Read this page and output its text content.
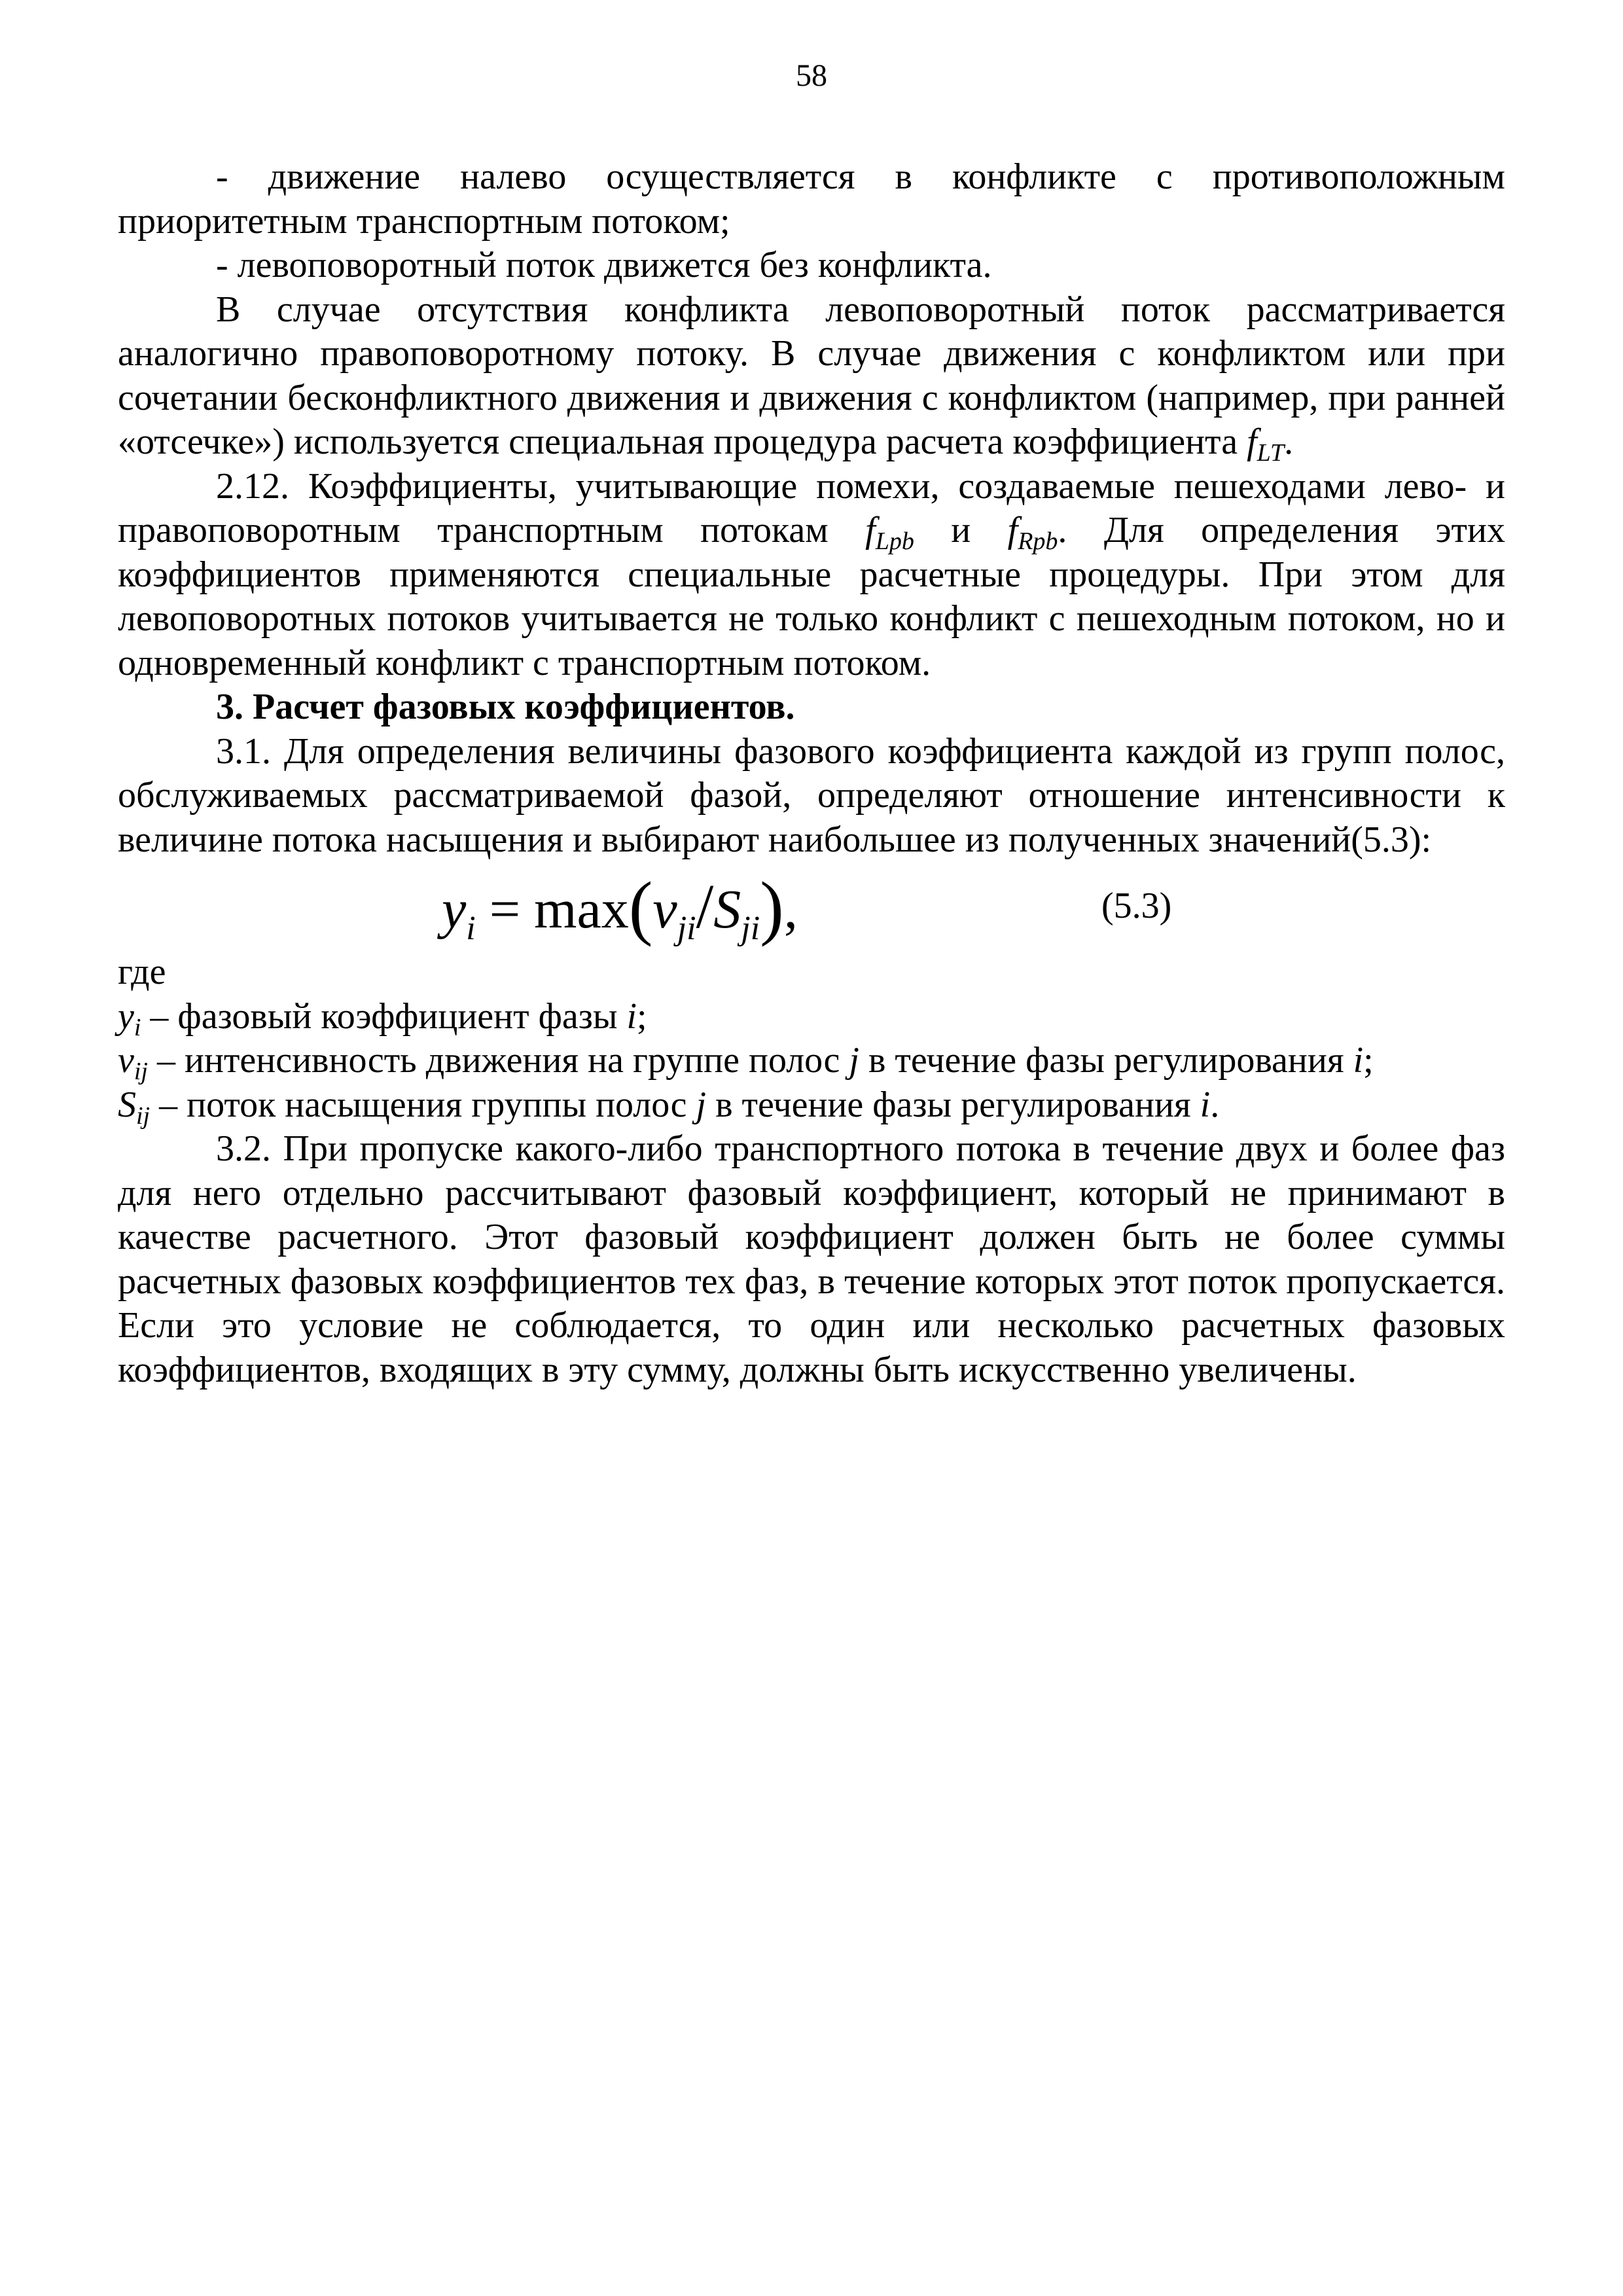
58

- движение налево осуществляется в конфликте с противоположным приоритетным транспортным потоком;

- левоповоротный поток движется без конфликта.

В случае отсутствия конфликта левоповоротный поток рассматривается аналогично правоповоротному потоку. В случае движения с конфликтом или при сочетании бесконфликтного движения и движения с конфликтом (например, при ранней «отсечке») используется специальная процедура расчета коэффициента $f_{LT}$.

2.12. Коэффициенты, учитывающие помехи, создаваемые пешеходами лево- и правоповоротным транспортным потокам $f_{Lpb}$ и $f_{Rpb}$. Для определения этих коэффициентов применяются специальные расчетные процедуры. При этом для левоповоротных потоков учитывается не только конфликт с пешеходным потоком, но и одновременный конфликт с транспортным потоком.

3. Расчет фазовых коэффициентов.

3.1. Для определения величины фазового коэффициента каждой из групп полос, обслуживаемых рассматриваемой фазой, определяют отношение интенсивности к величине потока насыщения и выбирают наибольшее из полученных значений(5.3):

$y_i = \max(v_{ji}/S_{ji})$,	(5.3)

где

$y_i$ – фазовый коэффициент фазы i;

$v_{ij}$ – интенсивность движения на группе полос j в течение фазы регулирования i;

$S_{ij}$ – поток насыщения группы полос j в течение фазы регулирования i.

3.2. При пропуске какого-либо транспортного потока в течение двух и более фаз для него отдельно рассчитывают фазовый коэффициент, который не принимают в качестве расчетного. Этот фазовый коэффициент должен быть не более суммы расчетных фазовых коэффициентов тех фаз, в течение которых этот поток пропускается. Если это условие не соблюдается, то один или несколько расчетных фазовых коэффициентов, входящих в эту сумму, должны быть искусственно увеличены.
